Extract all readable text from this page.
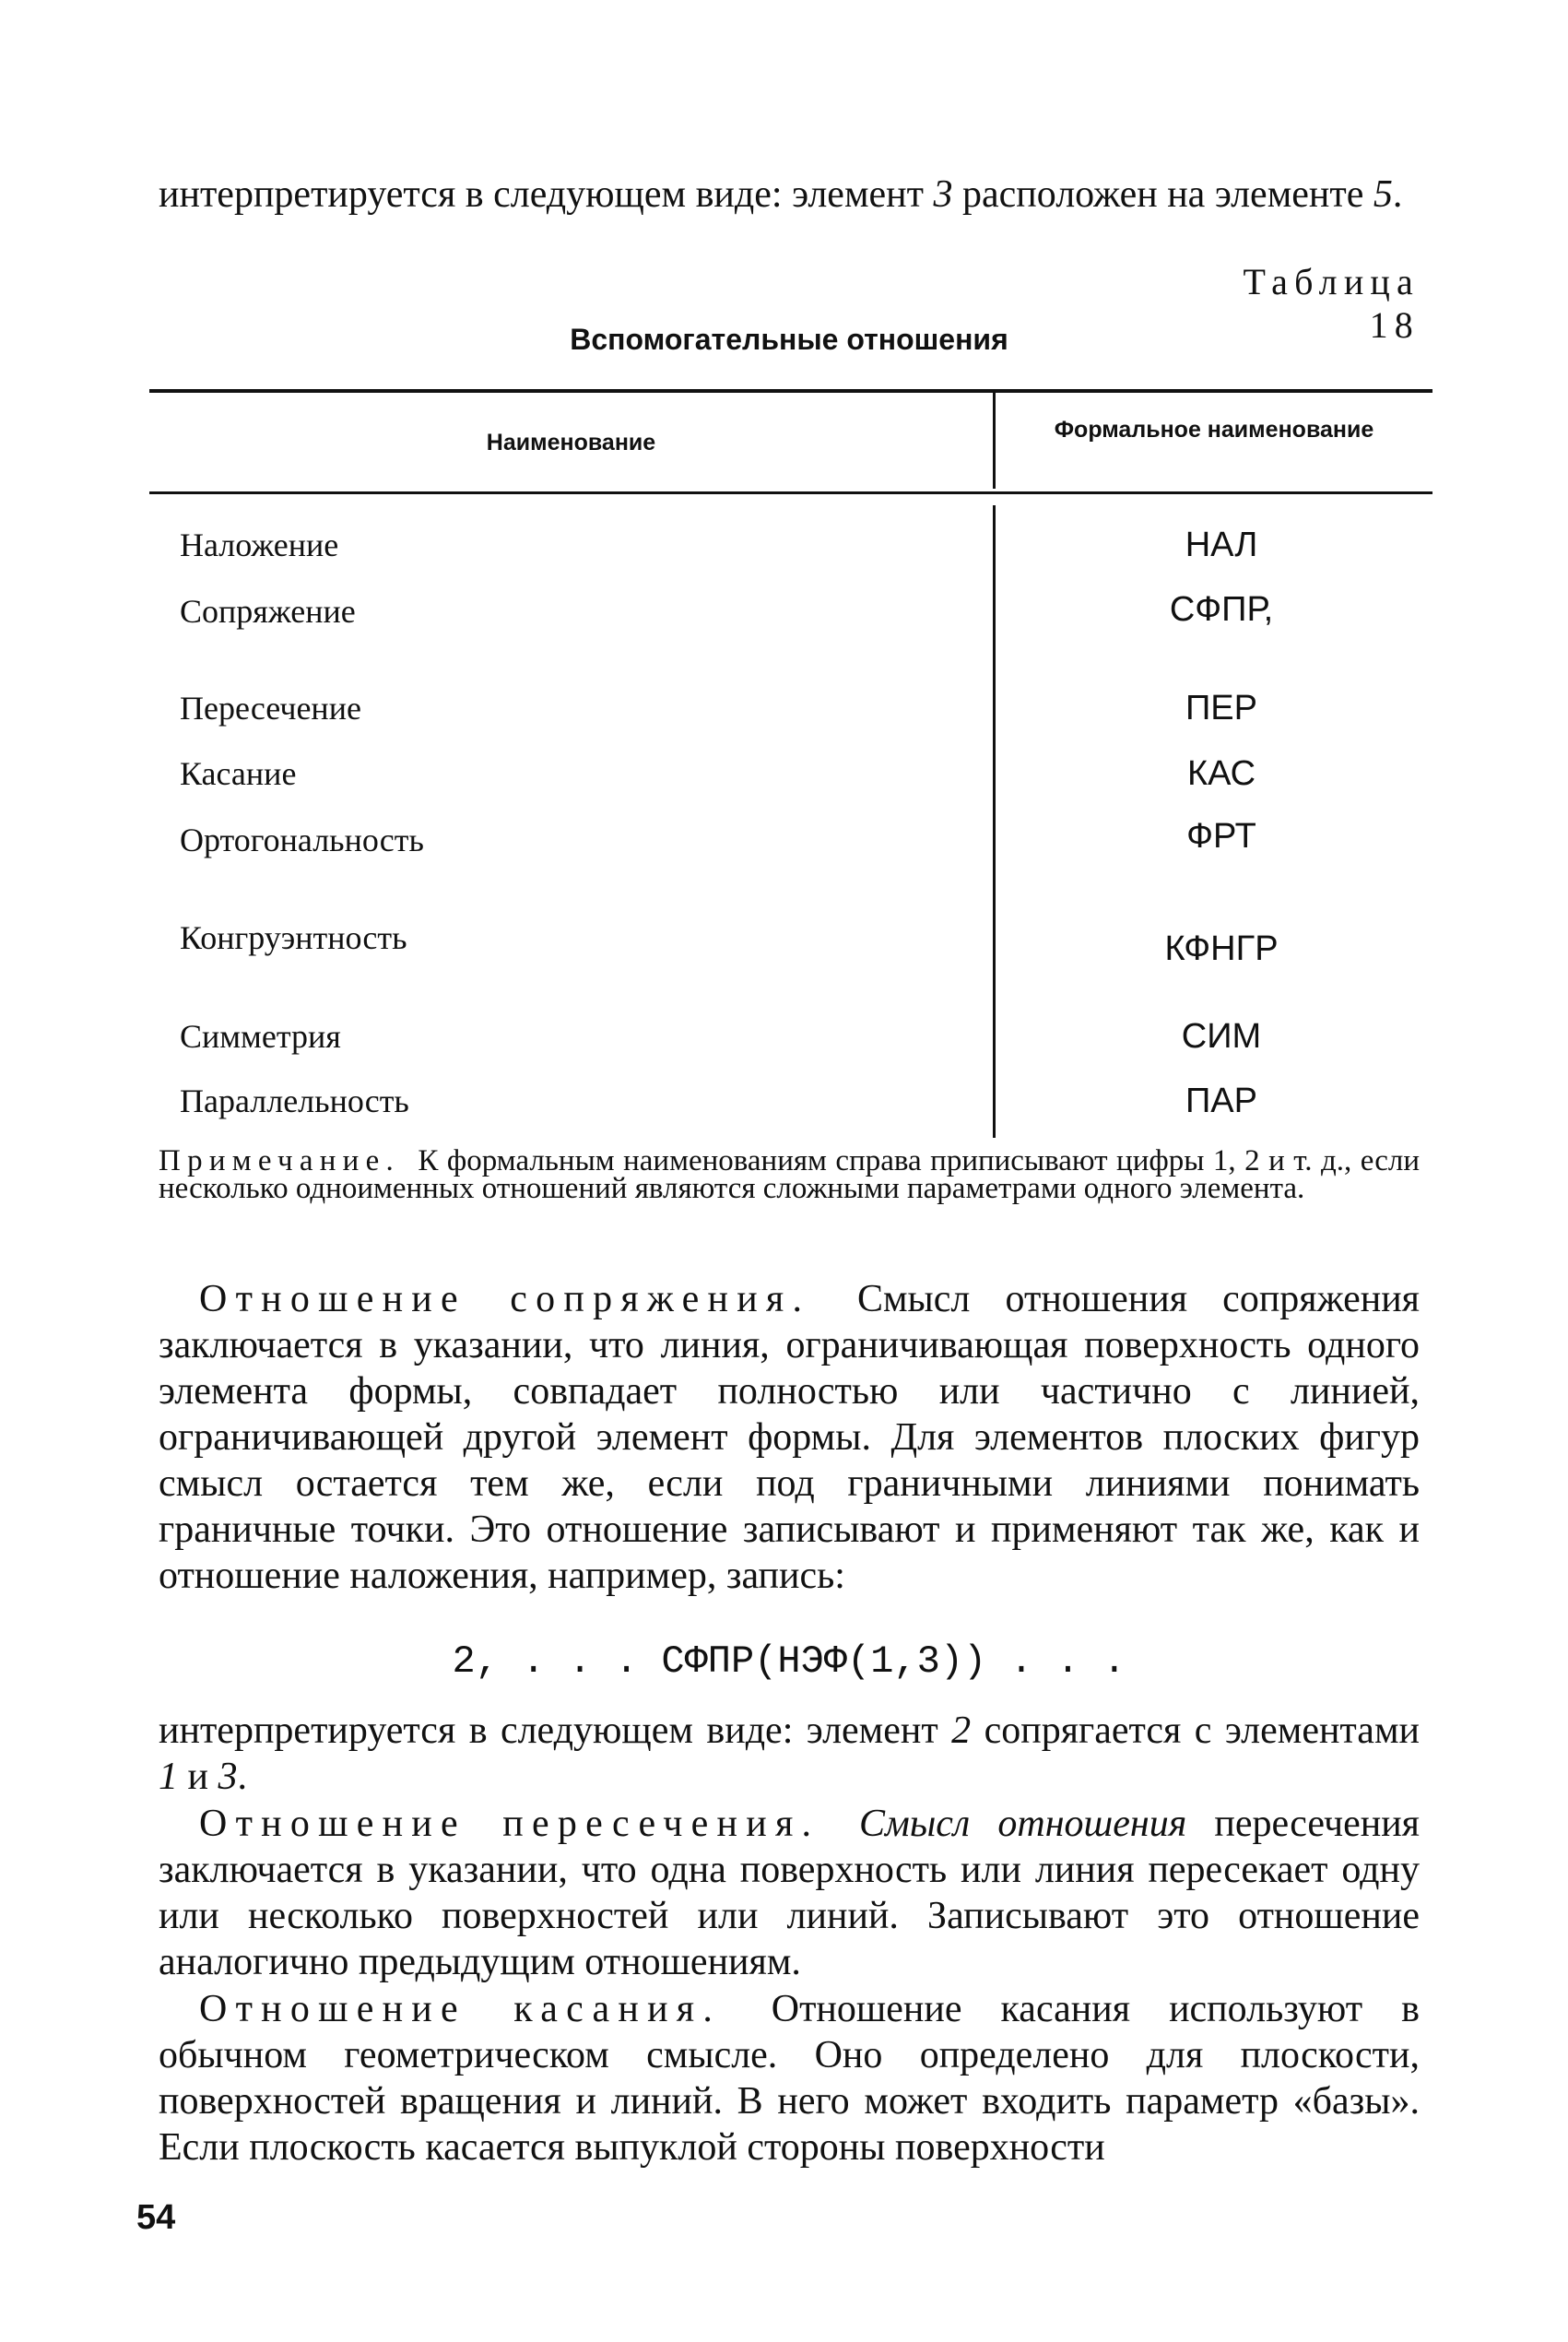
интерпретируется в следующем виде: элемент 3 расположен на элементе 5.
Таблица 18
Вспомогательные отношения
Наименование	Формальное наименование
Наложение	НАЛ
Сопряжение	СФПР,
Пересечение	ПЕР
Касание	КАС
Ортогональность	ФРТ
Конгруэнтность	КФНГР
Симметрия	СИМ
Параллельность	ПАР
Примечание. К формальным наименованиям справа приписывают цифры 1, 2 и т. д., если несколько одноименных отношений являются сложными параметрами одного элемента.
Отношение сопряжения. Смысл отношения сопряжения заключается в указании, что линия, ограничивающая поверхность одного элемента формы, совпадает полностью или частично с линией, ограничивающей другой элемент формы. Для элементов плоских фигур смысл остается тем же, если под граничными линиями понимать граничные точки. Это отношение записывают и применяют так же, как и отношение наложения, например, запись:
2, . . . СФПР(НЭФ(1,3)) . . .
интерпретируется в следующем виде: элемент 2 сопрягается с элементами 1 и 3.
Отношение пересечения. Смысл отношения пересечения заключается в указании, что одна поверхность или линия пересекает одну или несколько поверхностей или линий. Записывают это отношение аналогично предыдущим отношениям.
Отношение касания. Отношение касания используют в обычном геометрическом смысле. Оно определено для плоскости, поверхностей вращения и линий. В него может входить параметр «базы». Если плоскость касается выпуклой стороны поверхности
54
